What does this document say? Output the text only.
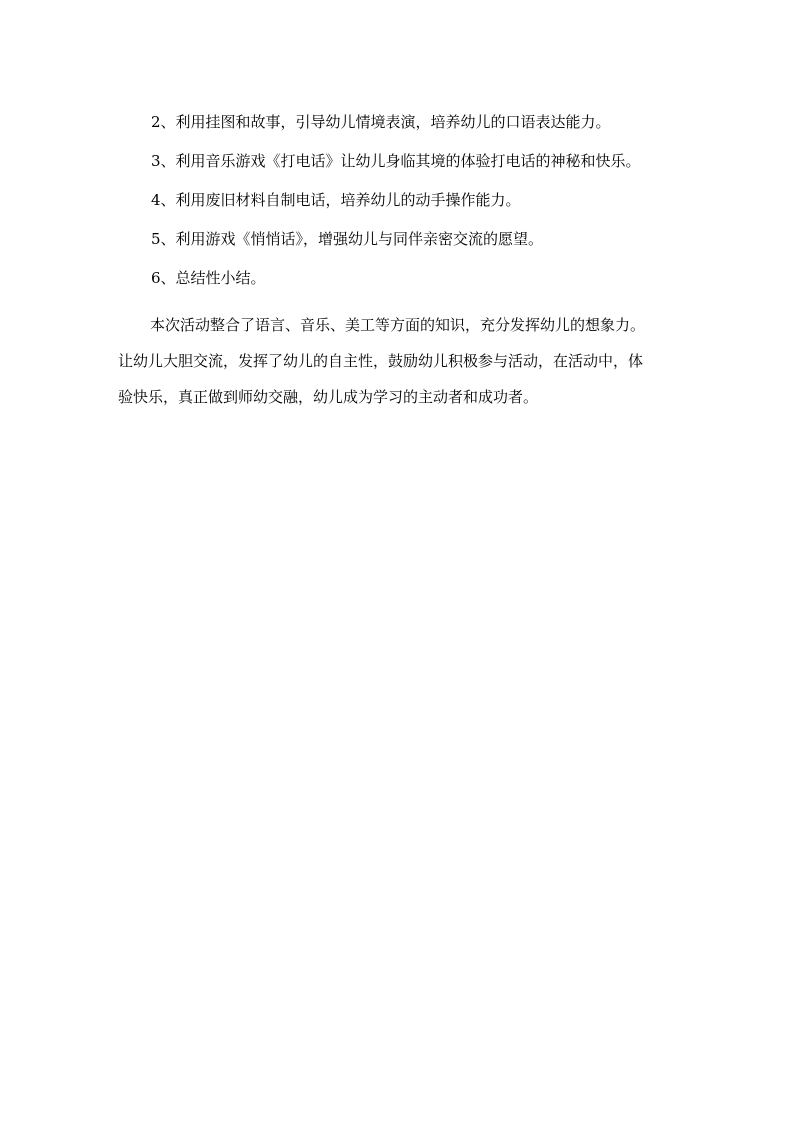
2、利用挂图和故事，引导幼儿情境表演，培养幼儿的口语表达能力。
3、利用音乐游戏《打电话》让幼儿身临其境的体验打电话的神秘和快乐。
4、利用废旧材料自制电话，培养幼儿的动手操作能力。
5、利用游戏《悄悄话》，增强幼儿与同伴亲密交流的愿望。
6、总结性小结。

本次活动整合了语言、音乐、美工等方面的知识，充分发挥幼儿的想象力。
让幼儿大胆交流，发挥了幼儿的自主性，鼓励幼儿积极参与活动，在活动中，体
验快乐，真正做到师幼交融，幼儿成为学习的主动者和成功者。
